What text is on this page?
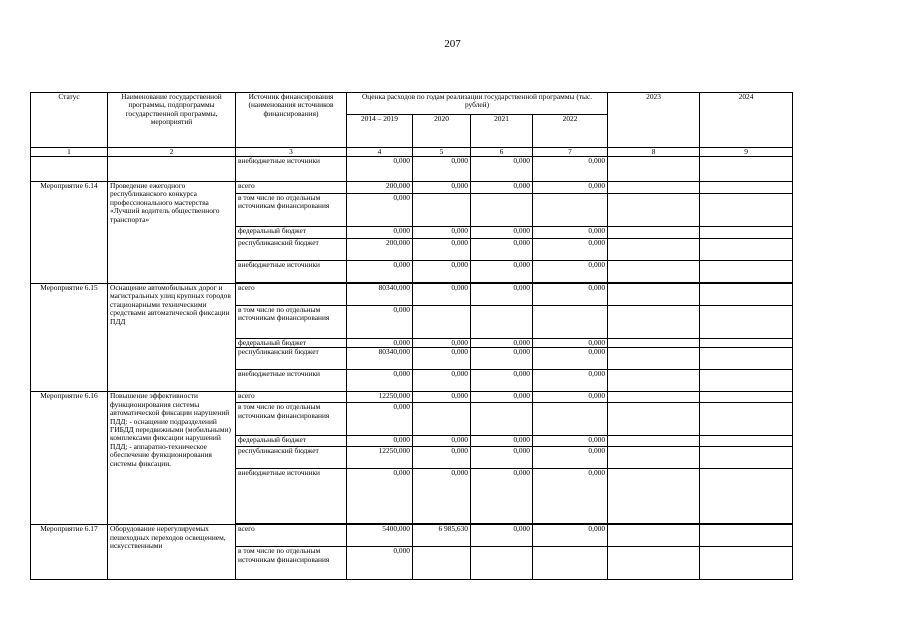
207
Статус	Наименование государственной программы, подпрограммы государственной программы, мероприятий	Источник финансирования (наименования источников финансирования)	Оценка расходов по годам реализации государственной программы (тыс. рублей)				2023	2024
			2014 – 2019	2020	2021	2022		
1	2	3	4	5	6	7	8	9
		внебюджетные источники	0,000	0,000	0,000	0,000		
Мероприятие 6.14	Проведение ежегодного республиканского конкурса профессионального мастерства «Лучший водитель общественного транспорта»	всего	200,000	0,000	0,000	0,000		
		в том числе по отдельным источникам финансирования	0,000					
		федеральный бюджет	0,000	0,000	0,000	0,000		
		республиканский бюджет	200,000	0,000	0,000	0,000		
		внебюджетные источники	0,000	0,000	0,000	0,000		

Мероприятие 6.15	Оснащение автомобильных дорог и магистральных улиц крупных городов стационарными техническими средствами автоматической фиксации ПДД	всего	80340,000	0,000	0,000	0,000		
		в том числе по отдельным источникам финансирования	0,000					
		федеральный бюджет	0,000	0,000	0,000	0,000		
		республиканский бюджет	80340,000	0,000	0,000	0,000		
		внебюджетные источники	0,000	0,000	0,000	0,000		
Мероприятие 6.16	Повышение эффективности функционирования системы автоматической фиксации нарушений ПДД: - оснащение подразделений ГИБДД передвижными (мобильными) комплексами фиксации нарушений ПДД; - аппаратно-техническое обеспечение функционирования системы фиксации.	всего	12250,000	0,000	0,000	0,000		
		в том числе по отдельным источникам финансирования	0,000					
		федеральный бюджет	0,000	0,000	0,000	0,000		
		республиканский бюджет	12250,000	0,000	0,000	0,000		
		внебюджетные источники	0,000	0,000	0,000	0,000		

Мероприятие 6.17	Оборудование нерегулируемых пешеходных переходов освещением, искусственными	всего	5400,000	6 985,630	0,000	0,000		
		в том числе по отдельным источникам финансирования	0,000					
